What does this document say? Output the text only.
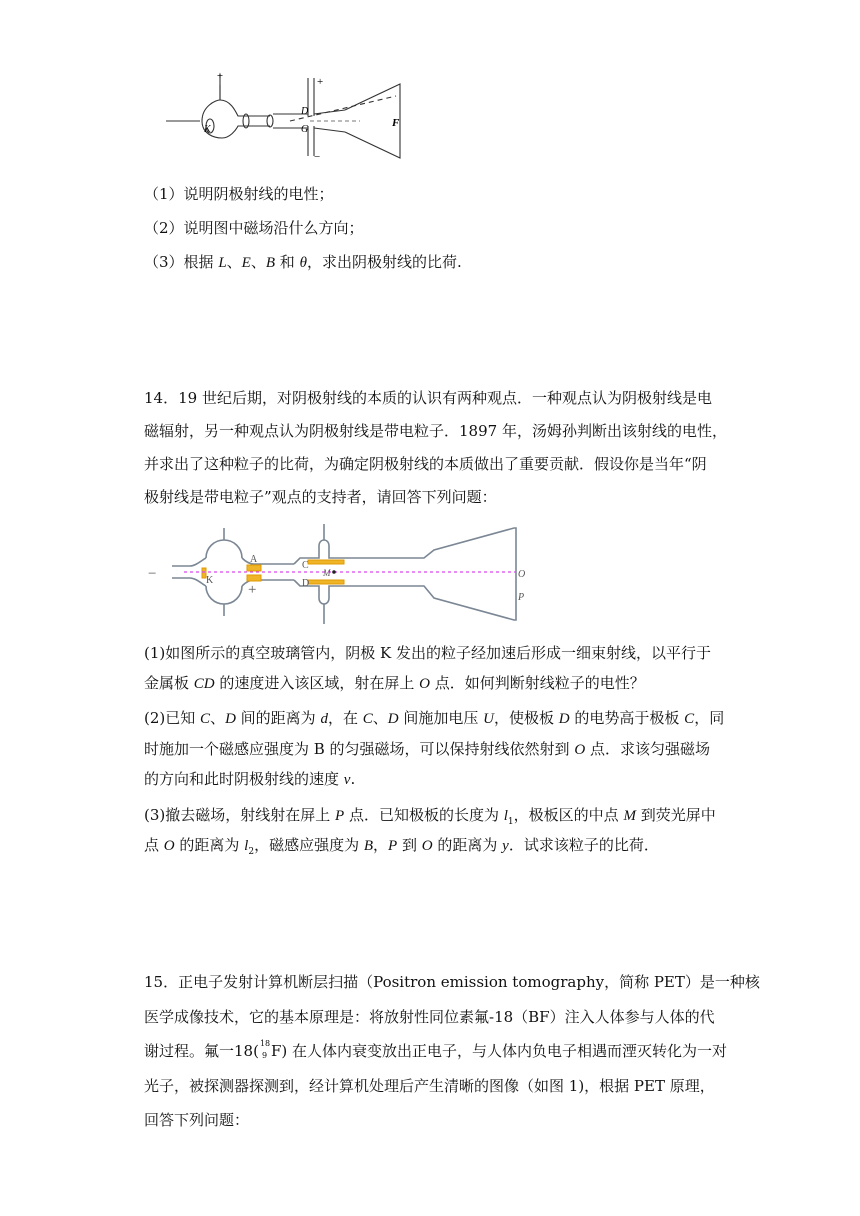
+	+
−
K
D
G
F
（1）说明阴极射线的电性；
（2）说明图中磁场沿什么方向；
（3）根据 L、E、B 和 θ，求出阴极射线的比荷.
14．19 世纪后期，对阴极射线的本质的认识有两种观点．一种观点认为阴极射线是电
磁辐射，另一种观点认为阴极射线是带电粒子．1897 年，汤姆孙判断出该射线的电性，
并求出了这种粒子的比荷，为确定阴极射线的本质做出了重要贡献．假设你是当年“阴
极射线是带电粒子”观点的支持者，请回答下列问题：
−
+
K
A
C
D
M	O
P
(1)如图所示的真空玻璃管内，阴极 K 发出的粒子经加速后形成一细束射线，以平行于
金属板 CD 的速度进入该区域，射在屏上 O 点．如何判断射线粒子的电性？
(2)已知 C、D 间的距离为 d，在 C、D 间施加电压 U，使极板 D 的电势高于极板 C，同
时施加一个磁感应强度为 B 的匀强磁场，可以保持射线依然射到 O 点．求该匀强磁场
的方向和此时阴极射线的速度 v.
(3)撤去磁场，射线射在屏上 P 点．已知极板的长度为 $l_1$，极板区的中点 M 到荧光屏中
点 O 的距离为 $l_2$，磁感应强度为 B，P 到 O 的距离为 y．试求该粒子的比荷．
15．正电子发射计算机断层扫描（Positron emission tomography，简称 PET）是一种核
医学成像技术，它的基本原理是：将放射性同位素氟-18（BF）注入人体参与人体的代
谢过程。氟一18( 18
9 F) 在人体内衰变放出正电子，与人体内负电子相遇而湮灭转化为一对
光子，被探测器探测到，经计算机处理后产生清晰的图像（如图 1)，根据 PET 原理，
回答下列问题：
